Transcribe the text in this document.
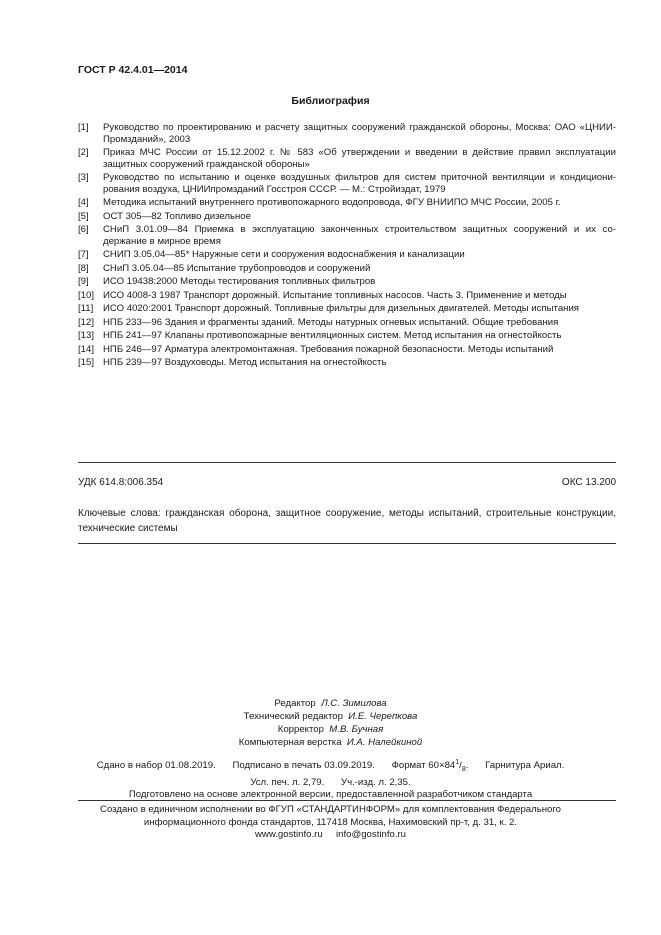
ГОСТ Р 42.4.01—2014
Библиография
[1]	Руководство по проектированию и расчету защитных сооружений гражданской обороны, Москва: ОАО «ЦНИИ-Промзданий», 2003
[2]	Приказ МЧС России от 15.12.2002 г. № 583 «Об утверждении и введении в действие правил эксплуатации защитных сооружений гражданской обороны»
[3]	Руководство по испытанию и оценке воздушных фильтров для систем приточной вентиляции и кондициони-рования воздуха, ЦНИИпромзданий Госстроя СССР. — М.: Стройиздат, 1979
[4]	Методика испытаний внутреннего противопожарного водопровода, ФГУ ВНИИПО МЧС России, 2005 г.
[5]	ОСТ 305—82 Топливо дизельное
[6]	СНиП 3.01.09—84 Приемка в эксплуатацию законченных строительством защитных сооружений и их со-держание в мирное время
[7]	СНИП 3.05.04—85* Наружные сети и сооружения водоснабжения и канализации
[8]	СНиП 3.05.04—85 Испытание трубопроводов и сооружений
[9]	ИСО 19438:2000 Методы тестирования топливных фильтров
[10] ИСО 4008-3 1987 Транспорт дорожный. Испытание топливных насосов. Часть 3. Применение и методы
[11]	ИСО 4020:2001 Транспорт дорожный. Топливные фильтры для дизельных двигателей. Методы испытания
[12] НПБ 233—96 Здания и фрагменты зданий. Методы натурных огневых испытаний. Общие требования
[13] НПБ 241—97 Клапаны противопожарные вентиляционных систем. Метод испытания на огнестойкость
[14] НПБ 246—97 Арматура электромонтажная. Требования пожарной безопасности. Методы испытаний
[15] НПБ 239—97 Воздуховоды. Метод испытания на огнестойкость
УДК 614.8:006.354	ОКС 13.200
Ключевые слова: гражданская оборона, защитное сооружение, методы испытаний, строительные конструкции, технические системы
Редактор Л.С. Зимилова
Технический редактор И.Е. Черепкова
Корректор М.В. Бучная
Компьютерная верстка И.А. Налейкиной
Сдано в набор 01.08.2019. Подписано в печать 03.09.2019. Формат $60\times 84^1/_8$. Гарнитура Ариал.
Усл. печ. л. 2,79. Уч.-изд. л. 2,35.
Подготовлено на основе электронной версии, предоставленной разработчиком стандарта
Создано в единичном исполнении во ФГУП «СТАНДАРТИНФОРМ» для комплектования Федерального
информационного фонда стандартов, 117418 Москва, Нахимовский пр-т, д. 31, к. 2.
www.gostinfo.ru info@gostinfo.ru
